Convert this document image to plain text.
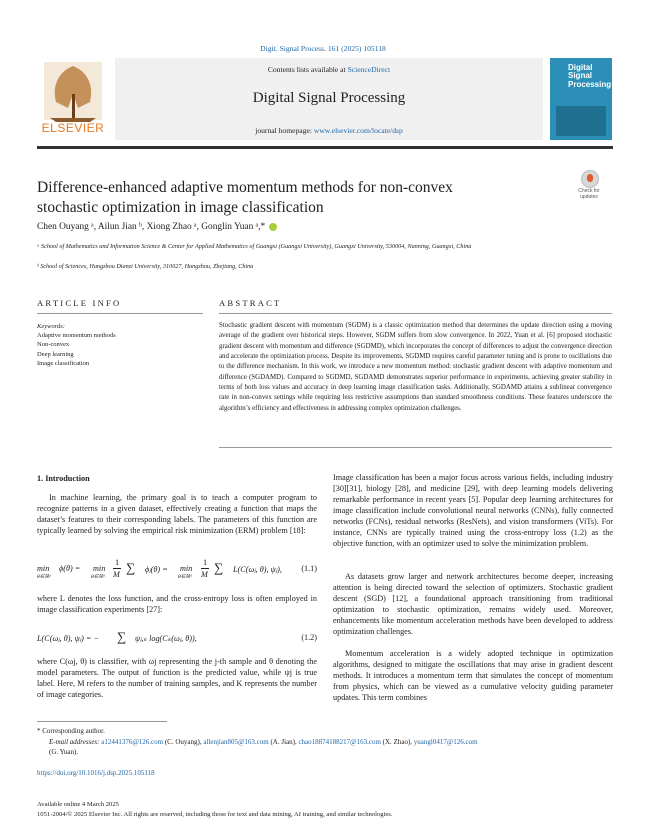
Digit. Signal Process. 161 (2025) 105118
ELSEVIER
Contents lists available at ScienceDirect
Digital Signal Processing
journal homepage: www.elsevier.com/locate/dsp
Digital
Signal
Processing
Difference-enhanced adaptive momentum methods for non-convex
stochastic optimization in image classification
Check for
updates
Chen Ouyang ᵃ, Ailun Jian ᵇ, Xiong Zhao ᵃ, Gonglin Yuan ᵃ,*
ᵃ School of Mathematics and Information Science & Center for Applied Mathematics of Guangxi (Guangxi University), Guangxi University, 530004, Nanning, Guangxi, China
ᵇ School of Sciences, Hangzhou Dianzi University, 310027, Hangzhou, Zhejiang, China
ARTICLE INFO	ABSTRACT
Keywords:
Adaptive momentum methods
Non-convex
Deep learning
Image classification
Stochastic gradient descent with momentum (SGDM) is a classic optimization method that determines the update direction using a moving average of the gradient over historical steps. However, SGDM suffers from slow convergence. In 2022, Yuan et al. [6] proposed stochastic gradient descent with momentum and difference (SGDMD), which incorporates the concept of differences to adjust the convergence direction and accelerate the optimization process. Despite its improvements, SGDMD requires careful parameter tuning and is prone to oscillations due to the difference mechanism. In this work, we introduce a new momentum method: stochastic gradient descent with adaptive momentum and difference (SGDAMD). Compared to SGDMD, SGDAMD demonstrates superior performance in experiments, achieving greater stability in terms of both loss values and accuracy in deep learning image classification tasks. Additionally, SGDAMD attains a sublinear convergence rate in non-convex settings while requiring less restrictive assumptions than standard smoothness conditions. These features underscore the algorithm’s efficiency and effectiveness in addressing complex optimization challenges.
1. Introduction
In machine learning, the primary goal is to teach a computer program to recognize patterns in a given dataset, effectively creating a function that maps the dataset’s features to their corresponding labels. The parameters of this function are typically learned by solving the empirical risk minimization (ERM) problem [18]:
min
θ∈ℝᵈ
ϕ(θ) = min
θ∈ℝᵈ
1
M ∑ ϕⱼ(θ) = min
θ∈ℝᵈ
1
M ∑ L(C(ωⱼ, θ), ψⱼ), (1.1)
where L denotes the loss function, and the cross-entropy loss is often employed in image classification experiments [27]:
L(C(ωⱼ, θ), ψⱼ) = − ∑ ψⱼ,ₖ log(Cₖ(ωⱼ, θ)),	(1.2)
where C(ωj, θ) is classifier, with ωj representing the j-th sample and θ denoting the model parameters. The output of function is the predicted value, while ψj is true label. Here, M refers to the number of training samples, and K represents the number of image categories.
Image classification has been a major focus across various fields, including industry [30][31], biology [28], and medicine [29], with deep learning models delivering remarkable performance in recent years [5]. Popular deep learning architectures for image classification include convolutional neural networks (CNNs), fully connected networks (FCNs), residual networks (ResNets), and vision transformers (ViTs). For instance, CNNs are typically trained using the cross-entropy loss (1.2) as the objective function, with an optimizer used to solve the minimization problem.
As datasets grow larger and network architectures become deeper, increasing attention is being directed toward the selection of optimizers. Stochastic gradient descent (SGD) [12], a foundational approach transitioning from traditional optimization to stochastic optimization, remains widely used. Moreover, enhancements like momentum acceleration methods have been developed to address optimization challenges.
Momentum acceleration is a widely adopted technique in optimization algorithms, designed to mitigate the oscillations that may arise in gradient descent methods. It introduces a momentum term that simulates the concept of momentum from physics, which can be viewed as a cumulative velocity guiding parameter updates. This term combines
* Corresponding author.
E-mail addresses: a12441376@126.com (C. Ouyang), allenjian805@163.com (A. Jian), chao18874188217@163.com (X. Zhao), yuangl0417@126.com
(G. Yuan).
https://doi.org/10.1016/j.dsp.2025.105118
Available online 4 March 2025
1051-2004/© 2025 Elsevier Inc. All rights are reserved, including those for text and data mining, AI training, and similar technologies.
